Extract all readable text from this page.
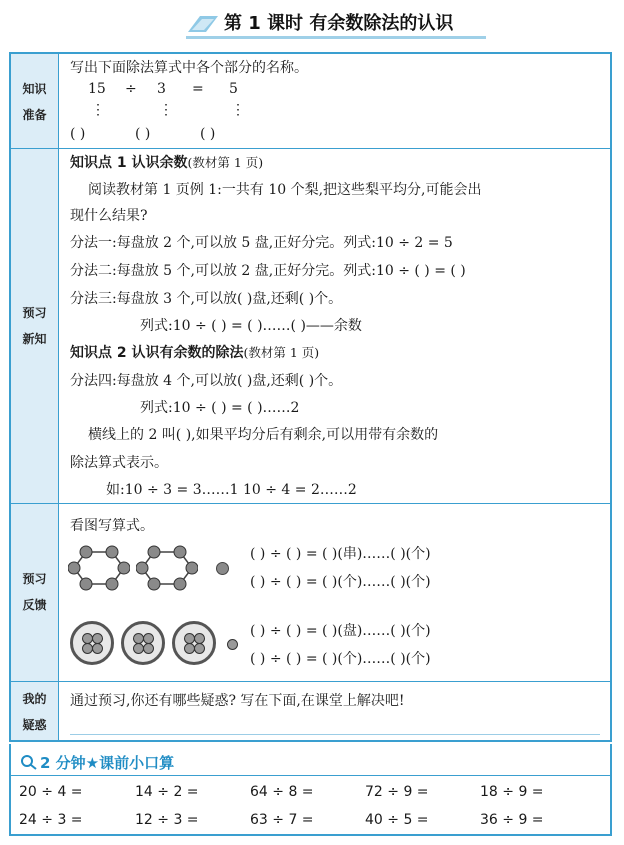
第 1 课时 有余数除法的认识
知识
准备
写出下面除法算式中各个部分的名称。
15 ÷ 3 = 5
⋮	⋮	⋮
( )	( )	( )
预习
新知
知识点 1 认识余数(教材第 1 页)
阅读教材第 1 页例 1:一共有 10 个梨,把这些梨平均分,可能会出
现什么结果?
分法一:每盘放 2 个,可以放 5 盘,正好分完。列式:10 ÷ 2 = 5
分法二:每盘放 5 个,可以放 2 盘,正好分完。列式:10 ÷ ( ) = ( )
分法三:每盘放 3 个,可以放( )盘,还剩( )个。
列式:10 ÷ ( ) = ( )……( )——余数
知识点 2 认识有余数的除法(教材第 1 页)
分法四:每盘放 4 个,可以放( )盘,还剩( )个。
列式:10 ÷ ( ) = ( )……2
横线上的 2 叫( ),如果平均分后有剩余,可以用带有余数的
除法算式表示。
如:10 ÷ 3 = 3……1 10 ÷ 4 = 2……2
预习
反馈
看图写算式。
( ) ÷ ( ) = ( )(串)……( )(个)
( ) ÷ ( ) = ( )(个)……( )(个)
( ) ÷ ( ) = ( )(盘)……( )(个)
( ) ÷ ( ) = ( )(个)……( )(个)
我的
疑惑
通过预习,你还有哪些疑惑? 写在下面,在课堂上解决吧!
2 分钟★课前小口算
20 ÷ 4 =	14 ÷ 2 =	64 ÷ 8 =	72 ÷ 9 =	18 ÷ 9 =
24 ÷ 3 =	12 ÷ 3 =	63 ÷ 7 =	40 ÷ 5 =	36 ÷ 9 =
